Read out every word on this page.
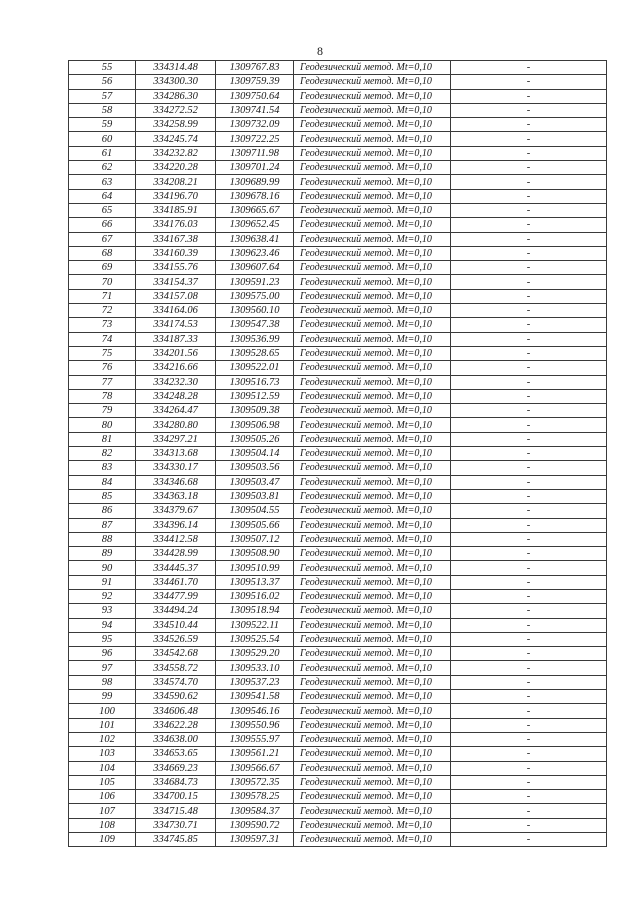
8
55	334314.48	1309767.83	Геодезический метод. Mt=0,10	-
56	334300.30	1309759.39	Геодезический метод. Mt=0,10	-
57	334286.30	1309750.64	Геодезический метод. Mt=0,10	-
58	334272.52	1309741.54	Геодезический метод. Mt=0,10	-
59	334258.99	1309732.09	Геодезический метод. Mt=0,10	-
60	334245.74	1309722.25	Геодезический метод. Mt=0,10	-
61	334232.82	1309711.98	Геодезический метод. Mt=0,10	-
62	334220.28	1309701.24	Геодезический метод. Mt=0,10	-
63	334208.21	1309689.99	Геодезический метод. Mt=0,10	-
64	334196.70	1309678.16	Геодезический метод. Mt=0,10	-
65	334185.91	1309665.67	Геодезический метод. Mt=0,10	-
66	334176.03	1309652.45	Геодезический метод. Mt=0,10	-
67	334167.38	1309638.41	Геодезический метод. Mt=0,10	-
68	334160.39	1309623.46	Геодезический метод. Mt=0,10	-
69	334155.76	1309607.64	Геодезический метод. Mt=0,10	-
70	334154.37	1309591.23	Геодезический метод. Mt=0,10	-
71	334157.08	1309575.00	Геодезический метод. Mt=0,10	-
72	334164.06	1309560.10	Геодезический метод. Mt=0,10	-
73	334174.53	1309547.38	Геодезический метод. Mt=0,10	-
74	334187.33	1309536.99	Геодезический метод. Mt=0,10	-
75	334201.56	1309528.65	Геодезический метод. Mt=0,10	-
76	334216.66	1309522.01	Геодезический метод. Mt=0,10	-
77	334232.30	1309516.73	Геодезический метод. Mt=0,10	-
78	334248.28	1309512.59	Геодезический метод. Mt=0,10	-
79	334264.47	1309509.38	Геодезический метод. Mt=0,10	-
80	334280.80	1309506.98	Геодезический метод. Mt=0,10	-
81	334297.21	1309505.26	Геодезический метод. Mt=0,10	-
82	334313.68	1309504.14	Геодезический метод. Mt=0,10	-
83	334330.17	1309503.56	Геодезический метод. Mt=0,10	-
84	334346.68	1309503.47	Геодезический метод. Mt=0,10	-
85	334363.18	1309503.81	Геодезический метод. Mt=0,10	-
86	334379.67	1309504.55	Геодезический метод. Mt=0,10	-
87	334396.14	1309505.66	Геодезический метод. Mt=0,10	-
88	334412.58	1309507.12	Геодезический метод. Mt=0,10	-
89	334428.99	1309508.90	Геодезический метод. Mt=0,10	-
90	334445.37	1309510.99	Геодезический метод. Mt=0,10	-
91	334461.70	1309513.37	Геодезический метод. Mt=0,10	-
92	334477.99	1309516.02	Геодезический метод. Mt=0,10	-
93	334494.24	1309518.94	Геодезический метод. Mt=0,10	-
94	334510.44	1309522.11	Геодезический метод. Mt=0,10	-
95	334526.59	1309525.54	Геодезический метод. Mt=0,10	-
96	334542.68	1309529.20	Геодезический метод. Mt=0,10	-
97	334558.72	1309533.10	Геодезический метод. Mt=0,10	-
98	334574.70	1309537.23	Геодезический метод. Mt=0,10	-
99	334590.62	1309541.58	Геодезический метод. Mt=0,10	-
100	334606.48	1309546.16	Геодезический метод. Mt=0,10	-
101	334622.28	1309550.96	Геодезический метод. Mt=0,10	-
102	334638.00	1309555.97	Геодезический метод. Mt=0,10	-
103	334653.65	1309561.21	Геодезический метод. Mt=0,10	-
104	334669.23	1309566.67	Геодезический метод. Mt=0,10	-
105	334684.73	1309572.35	Геодезический метод. Mt=0,10	-
106	334700.15	1309578.25	Геодезический метод. Mt=0,10	-
107	334715.48	1309584.37	Геодезический метод. Mt=0,10	-
108	334730.71	1309590.72	Геодезический метод. Mt=0,10	-
109	334745.85	1309597.31	Геодезический метод. Mt=0,10	-
